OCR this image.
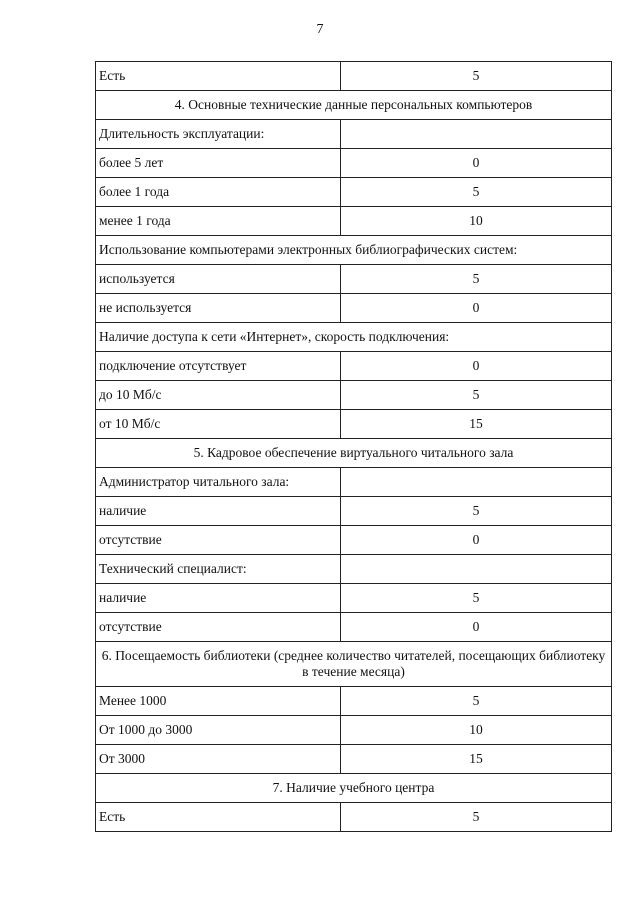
7
Есть	5
4. Основные технические данные персональных компьютеров	
Длительность эксплуатации:	
более 5 лет	0
более 1 года	5
менее 1 года	10
Использование компьютерами электронных библиографических систем:	
используется	5
не используется	0
Наличие доступа к сети «Интернет», скорость подключения:	
подключение отсутствует	0
до 10 Мб/с	5
от 10 Мб/с	15
5. Кадровое обеспечение виртуального читального зала	
Администратор читального зала:	
наличие	5
отсутствие	0
Технический специалист:	
наличие	5
отсутствие	0
6. Посещаемость библиотеки (среднее количество читателей, посещающих библиотеку в течение месяца)	
Менее 1000	5
От 1000 до 3000	10
От 3000	15
7. Наличие учебного центра	
Есть	5
